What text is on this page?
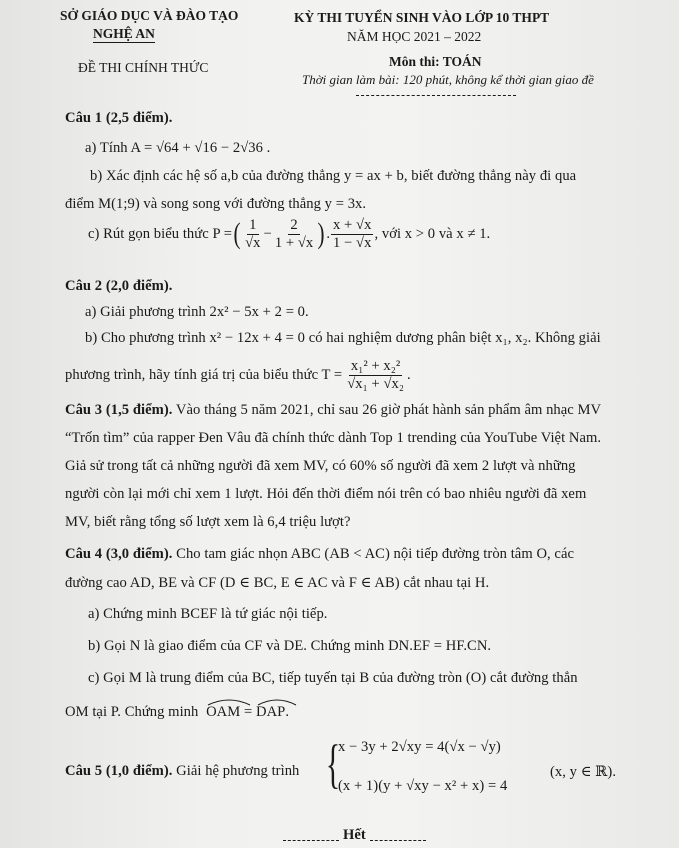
SỞ GIÁO DỤC VÀ ĐÀO TẠO
NGHỆ AN
ĐỀ THI CHÍNH THỨC
KỲ THI TUYỂN SINH VÀO LỚP 10 THPT
NĂM HỌC 2021 – 2022
Môn thi: TOÁN
Thời gian làm bài: 120 phút, không kể thời gian giao đề
Câu 1 (2,5 điểm).
a) Tính A = √64 + √16 − 2√36 .
b) Xác định các hệ số a,b của đường thẳng y = ax + b, biết đường thẳng này đi qua
điểm M(1;9) và song song với đường thẳng y = 3x.
c) Rút gọn biểu thức P = ( $\frac{1}{√x} - \frac{2}{1 + √x}$ ) . $\frac{x + √x}{1 - √x}$ , với x > 0 và x ≠ 1.
Câu 2 (2,0 điểm).
a) Giải phương trình 2x² − 5x + 2 = 0.
b) Cho phương trình x² − 12x + 4 = 0 có hai nghiệm dương phân biệt x₁, x₂. Không giải
phương trình, hãy tính giá trị của biểu thức $T = \frac{\text{x₁² + x₂²}}{\text{√x₁ + √x₂}}$ .
Câu 3 (1,5 điểm). Vào tháng 5 năm 2021, chỉ sau 26 giờ phát hành sản phẩm âm nhạc MV
“Trốn tìm” của rapper Đen Vâu đã chính thức dành Top 1 trending của YouTube Việt Nam.
Giả sử trong tất cả những người đã xem MV, có 60% số người đã xem 2 lượt và những
người còn lại mới chỉ xem 1 lượt. Hỏi đến thời điểm nói trên có bao nhiêu người đã xem
MV, biết rằng tổng số lượt xem là 6,4 triệu lượt?
Câu 4 (3,0 điểm). Cho tam giác nhọn ABC (AB < AC) nội tiếp đường tròn tâm O, các
đường cao AD, BE và CF (D ∈ BC, E ∈ AC và F ∈ AB) cắt nhau tại H.
a) Chứng minh BCEF là tứ giác nội tiếp.
b) Gọi N là giao điểm của CF và DE. Chứng minh DN.EF = HF.CN.
c) Gọi M là trung điểm của BC, tiếp tuyến tại B của đường tròn (O) cắt đường thẳn
OM tại P. Chứng minh OAM = DAP.
Câu 5 (1,0 điểm). Giải hệ phương trình {
x − 3y + 2√xy = 4(√x − √y)
(x + 1)(y + √xy − x² + x) = 4
(x, y ∈ ℝ).
Hết
